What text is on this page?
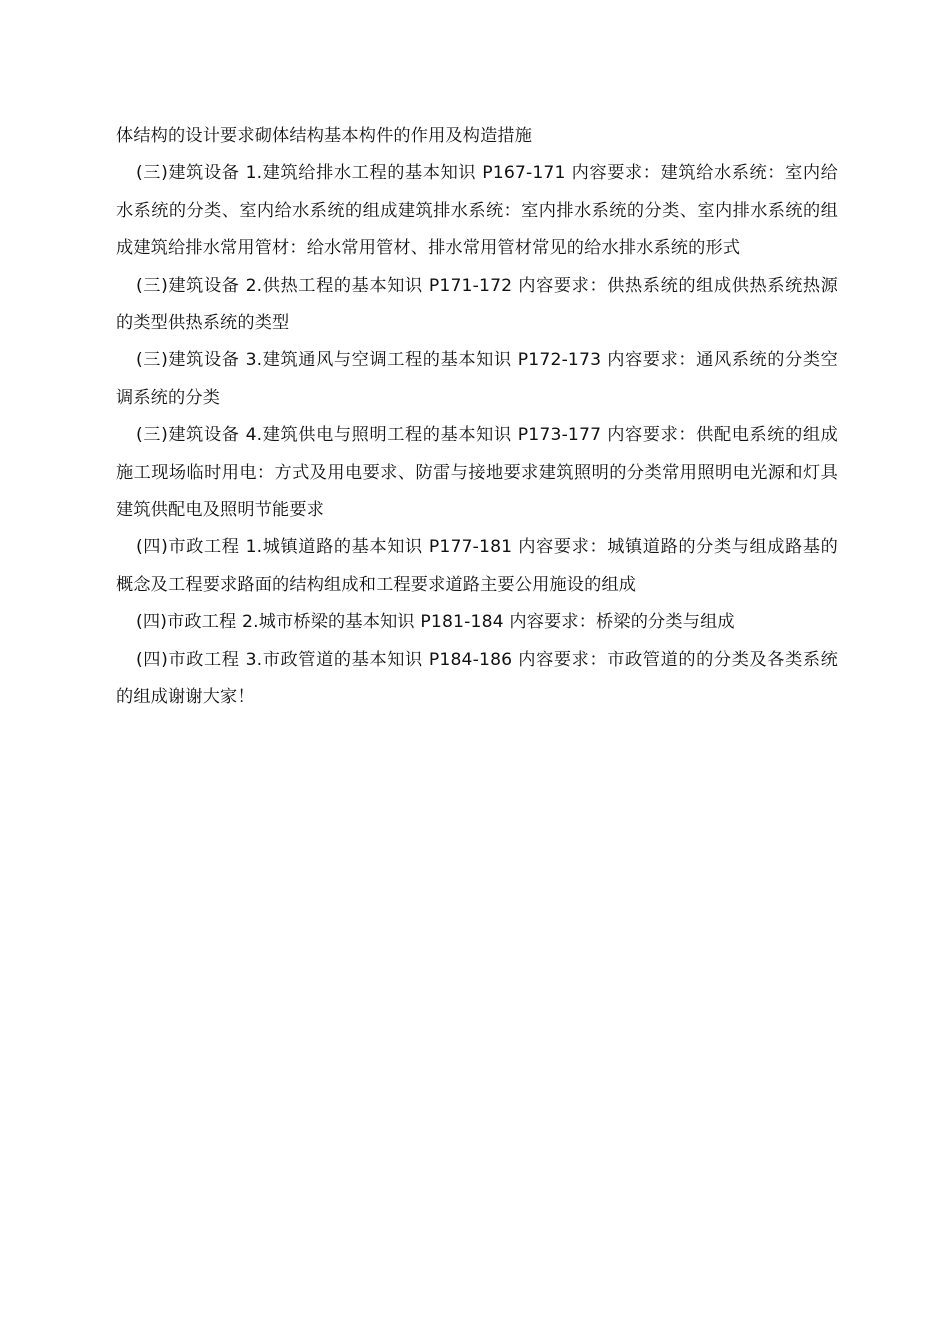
体结构的设计要求砌体结构基本构件的作用及构造措施

(三)建筑设备 1.建筑给排水工程的基本知识 P167-171 内容要求：建筑给水系统：室内给水系统的分类、室内给水系统的组成建筑排水系统：室内排水系统的分类、室内排水系统的组成建筑给排水常用管材：给水常用管材、排水常用管材常见的给水排水系统的形式

(三)建筑设备 2.供热工程的基本知识 P171-172 内容要求：供热系统的组成供热系统热源的类型供热系统的类型

(三)建筑设备 3.建筑通风与空调工程的基本知识 P172-173 内容要求：通风系统的分类空调系统的分类

(三)建筑设备 4.建筑供电与照明工程的基本知识 P173-177 内容要求：供配电系统的组成施工现场临时用电：方式及用电要求、防雷与接地要求建筑照明的分类常用照明电光源和灯具建筑供配电及照明节能要求

(四)市政工程 1.城镇道路的基本知识 P177-181 内容要求：城镇道路的分类与组成路基的概念及工程要求路面的结构组成和工程要求道路主要公用施设的组成

(四)市政工程 2.城市桥梁的基本知识 P181-184 内容要求：桥梁的分类与组成

(四)市政工程 3.市政管道的基本知识 P184-186 内容要求：市政管道的的分类及各类系统的组成谢谢大家！
